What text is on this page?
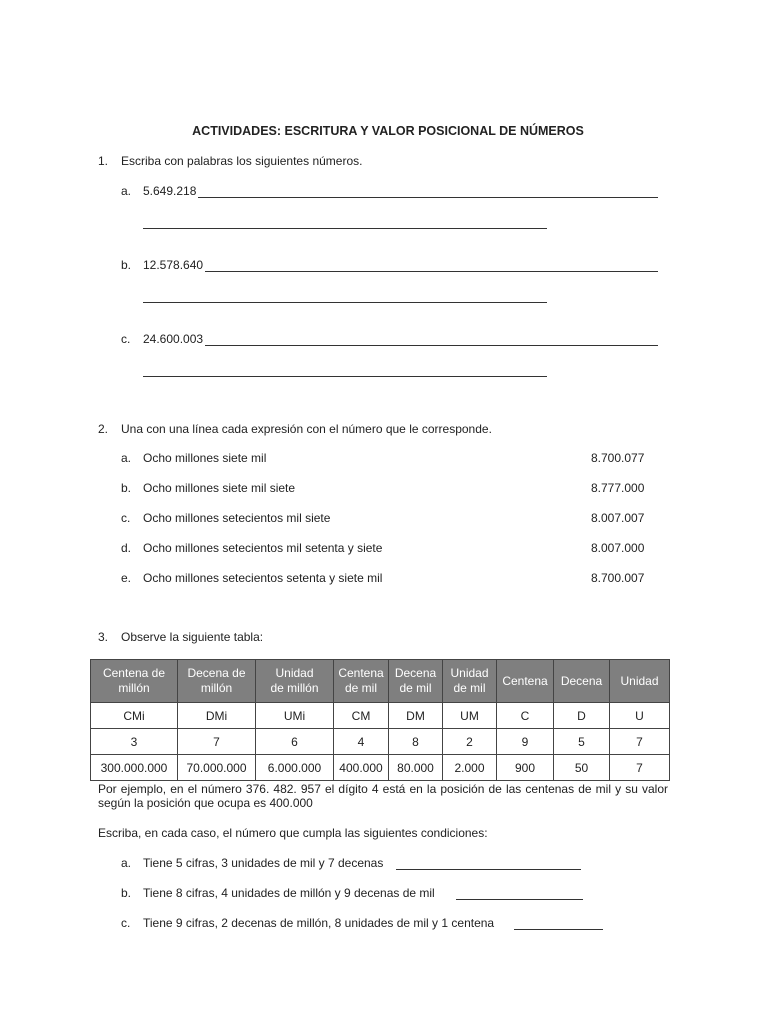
ACTIVIDADES: ESCRITURA Y VALOR POSICIONAL DE NÚMEROS
1. Escriba con palabras los siguientes números.
a. 5.649.218
b. 12.578.640
c. 24.600.003
2. Una con una línea cada expresión con el número que le corresponde.
a. Ocho millones siete mil	8.700.077
b. Ocho millones siete mil siete	8.777.000
c. Ocho millones setecientos mil siete	8.007.007
d. Ocho millones setecientos mil setenta y siete	8.007.000
e. Ocho millones setecientos setenta y siete mil	8.700.007
3. Observe la siguiente tabla:
Centena de
millón	Decena de
millón	Unidad
de millón	Centena
de mil	Decena
de mil	Unidad
de mil	Centena	Decena	Unidad
CMi	DMi	UMi	CM	DM	UM	C	D	U
3	7	6	4	8	2	9	5	7
300.000.000	70.000.000	6.000.000	400.000	80.000	2.000	900	50	7
Por ejemplo, en el número 376. 482. 957 el dígito 4 está en la posición de las centenas de mil y su valor según la posición que ocupa es 400.000
Escriba, en cada caso, el número que cumpla las siguientes condiciones:
a. Tiene 5 cifras, 3 unidades de mil y 7 decenas
b. Tiene 8 cifras, 4 unidades de millón y 9 decenas de mil
c. Tiene 9 cifras, 2 decenas de millón, 8 unidades de mil y 1 centena
